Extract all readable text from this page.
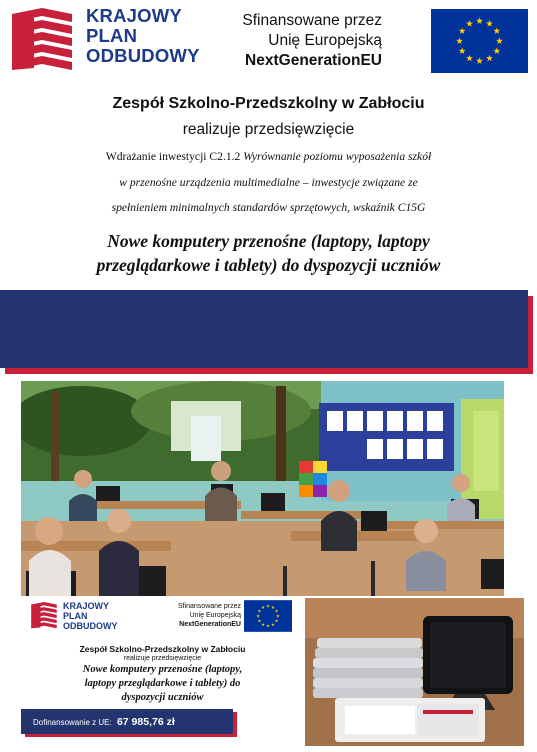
KRAJOWY
PLAN
ODBUDOWY
Sfinansowane przez
Unię Europejską
NextGenerationEU
Zespół Szkolno-Przedszkolny w Zabłociu
realizuje przedsięwzięcie
Wdrażanie inwestycji C2.1.2 Wyrównanie poziomu wyposażenia szkół
w przenośne urządzenia multimedialne – inwestycje związane ze
spełnieniem minimalnych standardów sprzętowych, wskaźnik C15G
Nowe komputery przenośne (laptopy, laptopy
przeglądarkowe i tablety) do dyspozycji uczniów
KRAJOWY
PLAN
ODBUDOWY
Sfinansowane przez
Unię Europejską
NextGenerationEU
Zespół Szkolno-Przedszkolny w Zabłociu
realizuje przedsięwzięcie
Nowe komputery przenośne (laptopy,
laptopy przeglądarkowe i tablety) do
dyspozycji uczniów
Dofinansowanie z UE: 67 985,76 zł
